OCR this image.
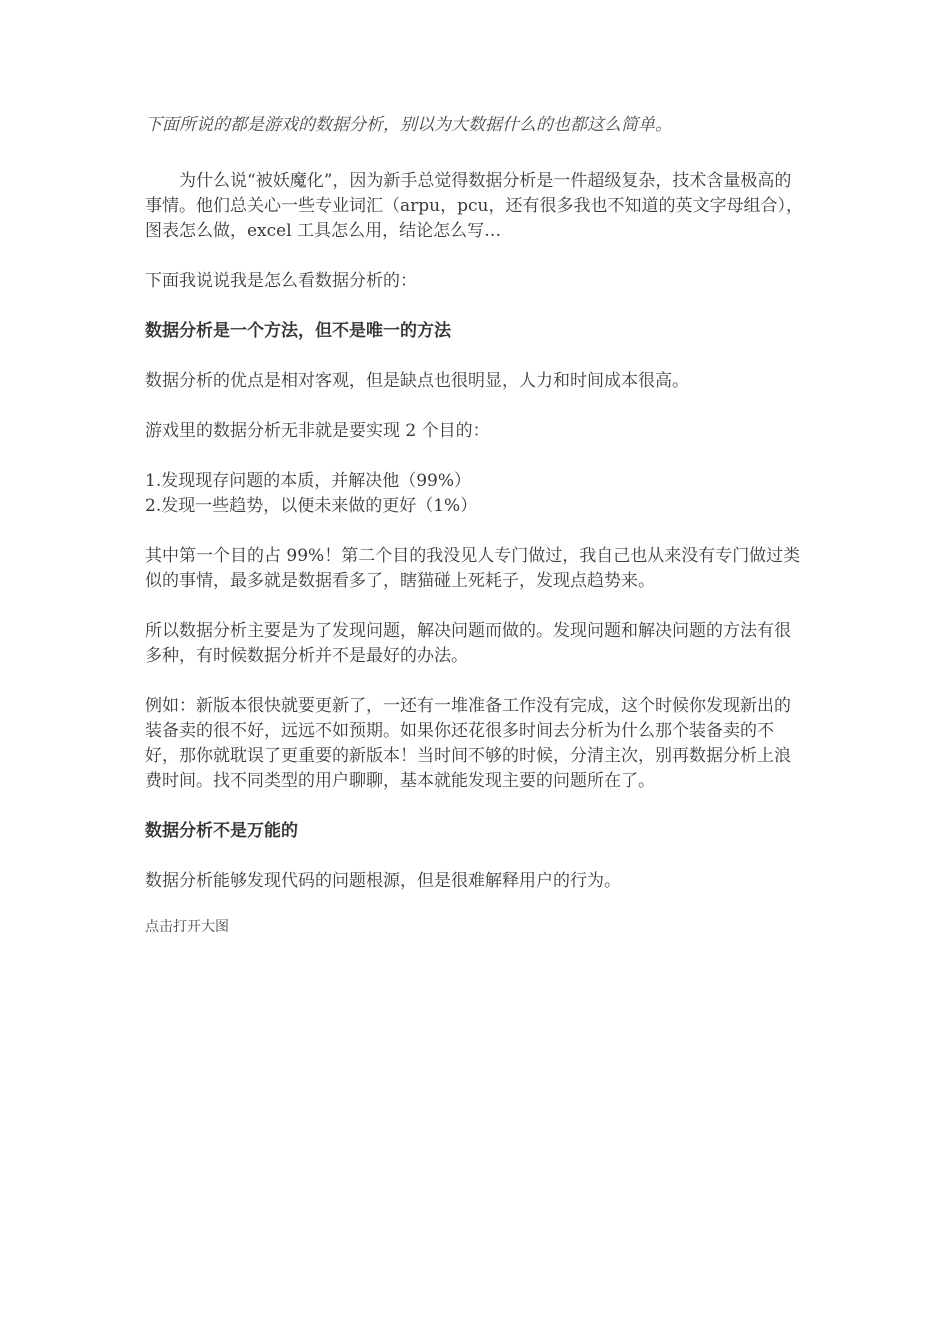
下面所说的都是游戏的数据分析，别以为大数据什么的也都这么简单。

为什么说“被妖魔化”，因为新手总觉得数据分析是一件超级复杂，技术含量极高的事情。他们总关心一些专业词汇（arpu，pcu，还有很多我也不知道的英文字母组合），图表怎么做，excel 工具怎么用，结论怎么写…

下面我说说我是怎么看数据分析的：

数据分析是一个方法，但不是唯一的方法

数据分析的优点是相对客观，但是缺点也很明显，人力和时间成本很高。

游戏里的数据分析无非就是要实现 2 个目的：

1.发现现存问题的本质，并解决他（99%）

2.发现一些趋势，以便未来做的更好（1%）

其中第一个目的占 99%！第二个目的我没见人专门做过，我自己也从来没有专门做过类似的事情，最多就是数据看多了，瞎猫碰上死耗子，发现点趋势来。

所以数据分析主要是为了发现问题，解决问题而做的。发现问题和解决问题的方法有很多种，有时候数据分析并不是最好的办法。

例如：新版本很快就要更新了，一还有一堆准备工作没有完成，这个时候你发现新出的装备卖的很不好，远远不如预期。如果你还花很多时间去分析为什么那个装备卖的不好，那你就耽误了更重要的新版本！当时间不够的时候，分清主次，别再数据分析上浪费时间。找不同类型的用户聊聊，基本就能发现主要的问题所在了。

数据分析不是万能的

数据分析能够发现代码的问题根源，但是很难解释用户的行为。

点击打开大图
